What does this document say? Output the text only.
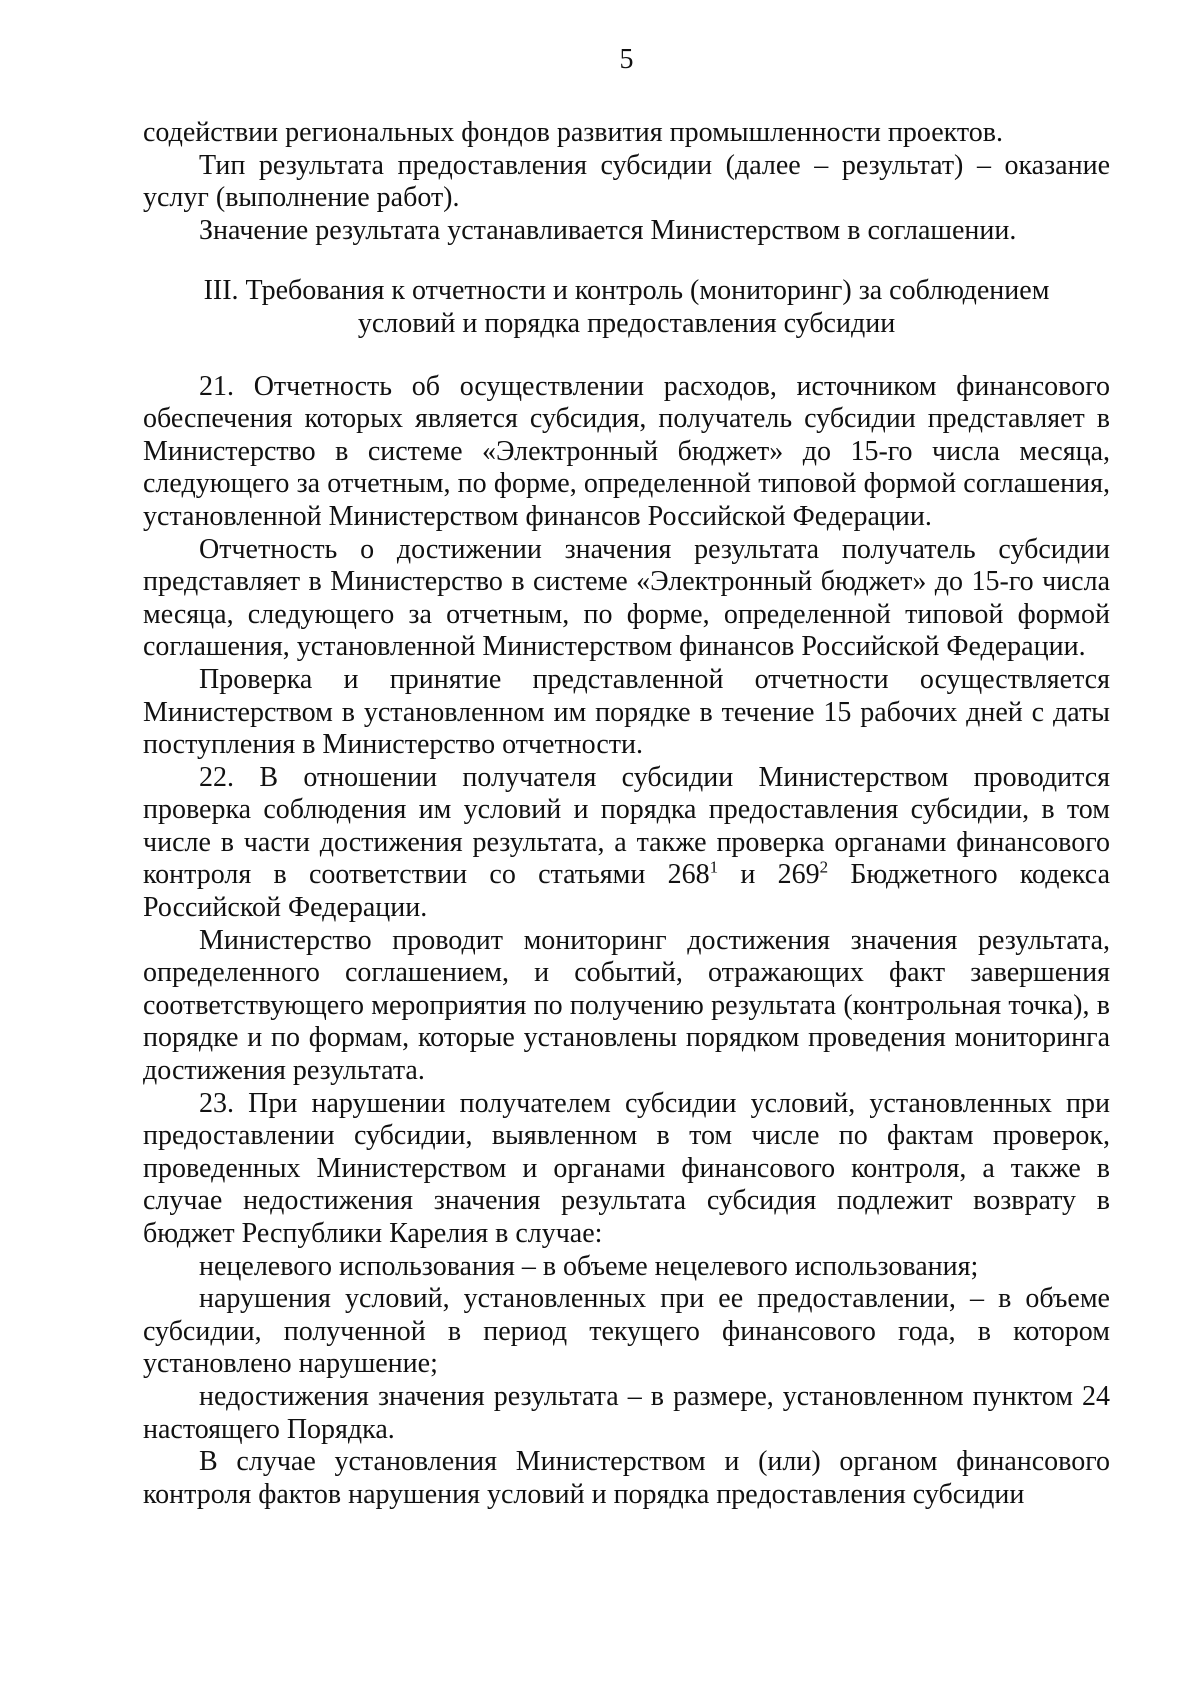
5

содействии региональных фондов развития промышленности проектов.

Тип результата предоставления субсидии (далее – результат) – оказание услуг (выполнение работ).

Значение результата устанавливается Министерством в соглашении.

III. Требования к отчетности и контроль (мониторинг) за соблюдением
условий и порядка предоставления субсидии

21. Отчетность об осуществлении расходов, источником финансового обеспечения которых является субсидия, получатель субсидии представляет в Министерство в системе «Электронный бюджет» до 15-го числа месяца, следующего за отчетным, по форме, определенной типовой формой соглашения, установленной Министерством финансов Российской Федерации.

Отчетность о достижении значения результата получатель субсидии представляет в Министерство в системе «Электронный бюджет» до 15-го числа месяца, следующего за отчетным, по форме, определенной типовой формой соглашения, установленной Министерством финансов Российской Федерации.

Проверка и принятие представленной отчетности осуществляется Министерством в установленном им порядке в течение 15 рабочих дней с даты поступления в Министерство отчетности.

22. В отношении получателя субсидии Министерством проводится проверка соблюдения им условий и порядка предоставления субсидии, в том числе в части достижения результата, а также проверка органами финансового контроля в соответствии со статьями $268^1$ и $269^2$ Бюджетного кодекса Российской Федерации.

Министерство проводит мониторинг достижения значения результата, определенного соглашением, и событий, отражающих факт завершения соответствующего мероприятия по получению результата (контрольная точка), в порядке и по формам, которые установлены порядком проведения мониторинга достижения результата.

23. При нарушении получателем субсидии условий, установленных при предоставлении субсидии, выявленном в том числе по фактам проверок, проведенных Министерством и органами финансового контроля, а также в случае недостижения значения результата субсидия подлежит возврату в бюджет Республики Карелия в случае:

нецелевого использования – в объеме нецелевого использования;

нарушения условий, установленных при ее предоставлении, – в объеме субсидии, полученной в период текущего финансового года, в котором установлено нарушение;

недостижения значения результата – в размере, установленном пунктом 24 настоящего Порядка.

В случае установления Министерством и (или) органом финансового контроля фактов нарушения условий и порядка предоставления субсидии
